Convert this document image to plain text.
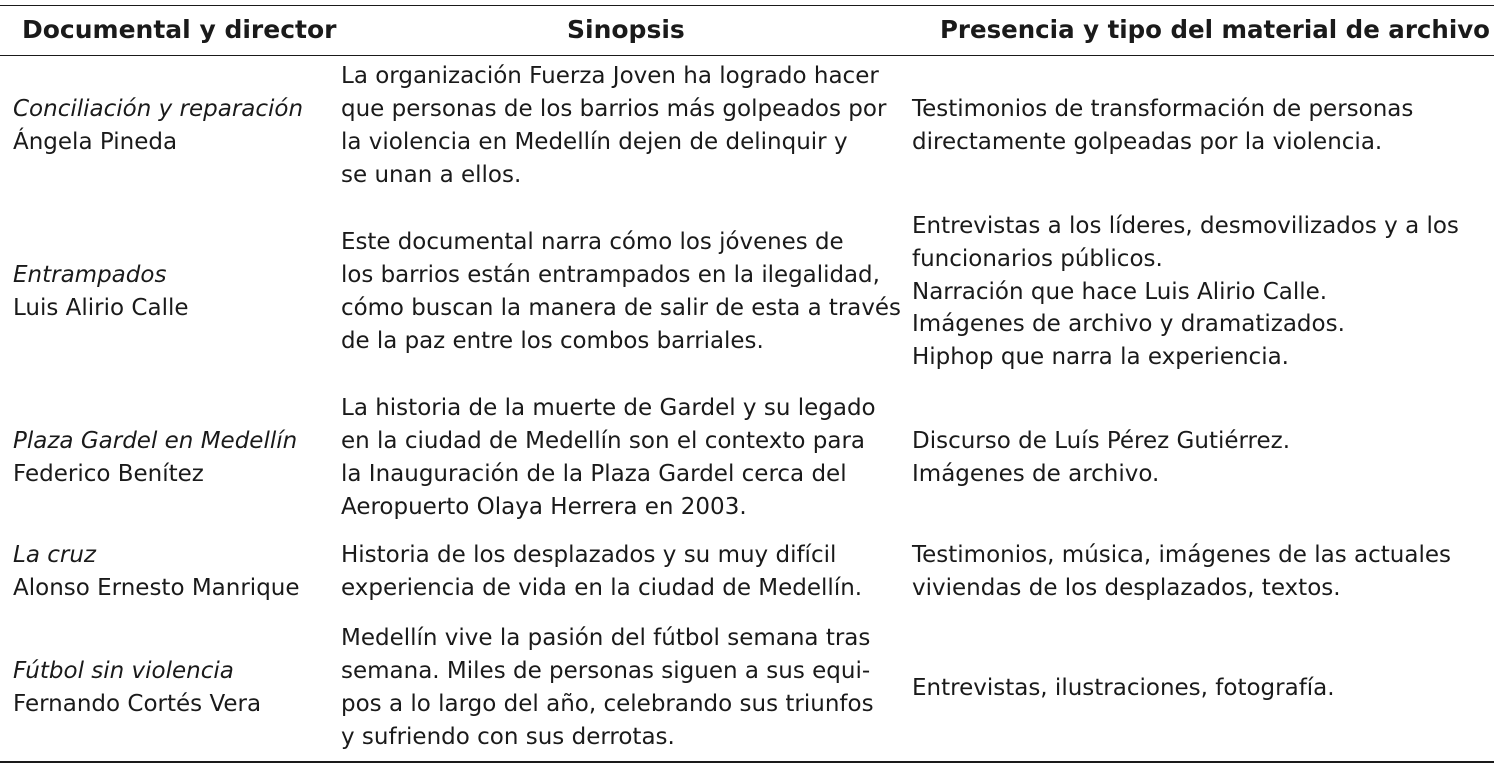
Documental y director	Sinopsis	Presencia y tipo del material de archivo
Conciliación y reparación
Ángela Pineda
La organización Fuerza Joven ha logrado hacer
que personas de los barrios más golpeados por
la violencia en Medellín dejen de delinquir y
se unan a ellos.
Testimonios de transformación de personas
directamente golpeadas por la violencia.
Entrampados
Luis Alirio Calle
Este documental narra cómo los jóvenes de
los barrios están entrampados en la ilegalidad,
cómo buscan la manera de salir de esta a través
de la paz entre los combos barriales.
Entrevistas a los líderes, desmovilizados y a los
funcionarios públicos.
Narración que hace Luis Alirio Calle.
Imágenes de archivo y dramatizados.
Hiphop que narra la experiencia.
Plaza Gardel en Medellín
Federico Benítez
La historia de la muerte de Gardel y su legado
en la ciudad de Medellín son el contexto para
la Inauguración de la Plaza Gardel cerca del
Aeropuerto Olaya Herrera en 2003.
Discurso de Luís Pérez Gutiérrez.
Imágenes de archivo.
La cruz
Alonso Ernesto Manrique
Historia de los desplazados y su muy difícil
experiencia de vida en la ciudad de Medellín.
Testimonios, música, imágenes de las actuales
viviendas de los desplazados, textos.
Fútbol sin violencia
Fernando Cortés Vera
Medellín vive la pasión del fútbol semana tras
semana. Miles de personas siguen a sus equi-
pos a lo largo del año, celebrando sus triunfos
y sufriendo con sus derrotas.
Entrevistas, ilustraciones, fotografía.
